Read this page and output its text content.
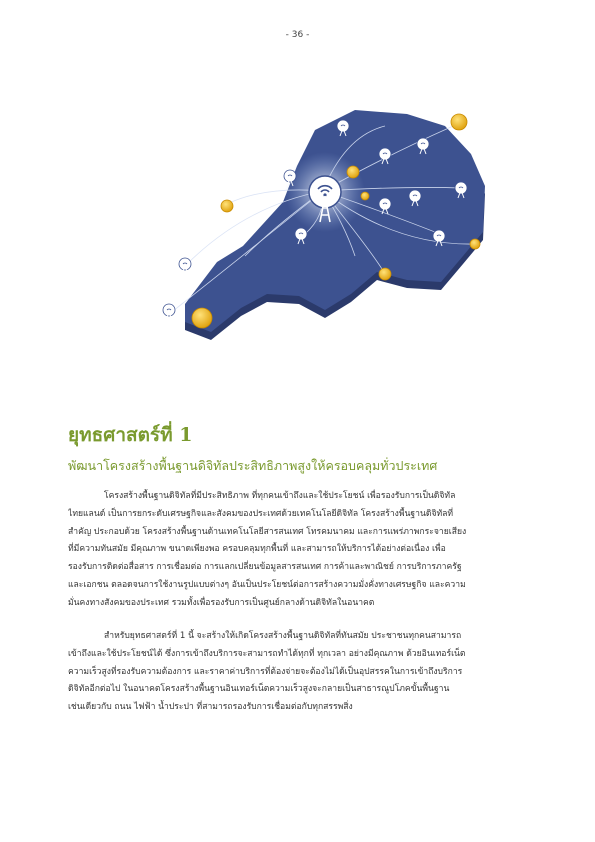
- 36 -
ยุทธศาสตร์ที่ 1
พัฒนาโครงสร้างพื้นฐานดิจิทัลประสิทธิภาพสูงให้ครอบคลุมทั่วประเทศ
โครงสร้างพื้นฐานดิจิทัลที่มีประสิทธิภาพ ที่ทุกคนเข้าถึงและใช้ประโยชน์ เพื่อรองรับการเป็นดิจิทัล
ไทยแลนด์ เป็นการยกระดับเศรษฐกิจและสังคมของประเทศด้วยเทคโนโลยีดิจิทัล โครงสร้างพื้นฐานดิจิทัลที่
สำคัญ ประกอบด้วย โครงสร้างพื้นฐานด้านเทคโนโลยีสารสนเทศ โทรคมนาคม และการแพร่ภาพกระจายเสียง
ที่มีความทันสมัย มีคุณภาพ ขนาดเพียงพอ ครอบคลุมทุกพื้นที่ และสามารถให้บริการได้อย่างต่อเนื่อง เพื่อ
รองรับการติดต่อสื่อสาร การเชื่อมต่อ การแลกเปลี่ยนข้อมูลสารสนเทศ การค้าและพาณิชย์ การบริการภาครัฐ
และเอกชน ตลอดจนการใช้งานรูปแบบต่างๆ อันเป็นประโยชน์ต่อการสร้างความมั่งคั่งทางเศรษฐกิจ และความ
มั่นคงทางสังคมของประเทศ รวมทั้งเพื่อรองรับการเป็นศูนย์กลางด้านดิจิทัลในอนาคต
สำหรับยุทธศาสตร์ที่ 1 นี้ จะสร้างให้เกิดโครงสร้างพื้นฐานดิจิทัลที่ทันสมัย ประชาชนทุกคนสามารถ
เข้าถึงและใช้ประโยชน์ได้ ซึ่งการเข้าถึงบริการจะสามารถทำได้ทุกที่ ทุกเวลา อย่างมีคุณภาพ ด้วยอินเทอร์เน็ต
ความเร็วสูงที่รองรับความต้องการ และราคาค่าบริการที่ต้องจ่ายจะต้องไม่ได้เป็นอุปสรรคในการเข้าถึงบริการ
ดิจิทัลอีกต่อไป ในอนาคตโครงสร้างพื้นฐานอินเทอร์เน็ตความเร็วสูงจะกลายเป็นสาธารณูปโภคขั้นพื้นฐาน
เช่นเดียวกับ ถนน ไฟฟ้า น้ำประปา ที่สามารถรองรับการเชื่อมต่อกับทุกสรรพสิ่ง
